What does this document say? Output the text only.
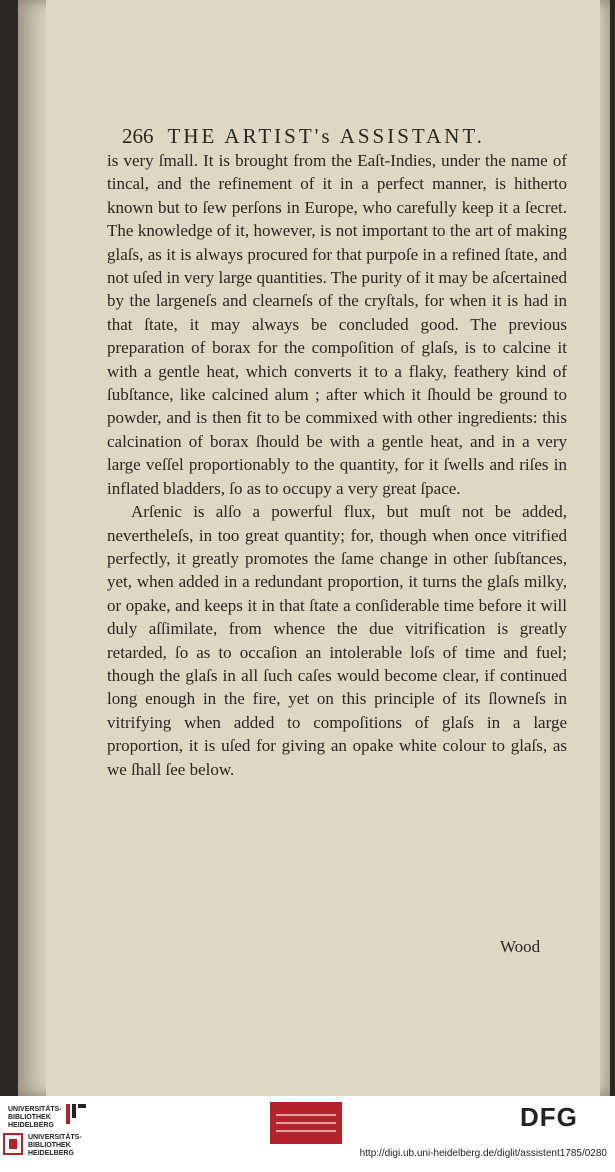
266 THE ARTIST's ASSISTANT.

is very ſmall. It is brought from the Eaſt-Indies, under the name of tincal, and the refinement of it in a perfect manner, is hitherto known but to ſew perſons in Europe, who carefully keep it a ſecret. The knowledge of it, however, is not important to the art of making glaſs, as it is always procured for that purpoſe in a refined ſtate, and not uſed in very large quantities. The purity of it may be aſcertained by the largeneſs and clearneſs of the cryſtals, for when it is had in that ſtate, it may always be concluded good. The previous preparation of borax for the compoſition of glaſs, is to calcine it with a gentle heat, which converts it to a flaky, feathery kind of ſubſtance, like calcined alum ; after which it ſhould be ground to powder, and is then fit to be commixed with other ingredients: this calcination of borax ſhould be with a gentle heat, and in a very large veſſel proportionably to the quantity, for it ſwells and riſes in inflated bladders, ſo as to occupy a very great ſpace.

Arſenic is alſo a powerful flux, but muſt not be added, neverthеleſs, in too great quantity; for, though when once vitrified perfectly, it greatly promotes the ſame change in other ſubſtances, yet, when added in a redundant proportion, it turns the glaſs milky, or opake, and keeps it in that ſtate a conſiderable time before it will duly aſſimilate, from whence the due vitrification is greatly retarded, ſo as to occaſion an intolerable loſs of time and fuel; though the glaſs in all ſuch caſes would become clear, if continued long enough in the fire, yet on this principle of its ſlowneſs in vitrifying when added to compoſitions of glaſs in a large proportion, it is uſed for giving an opake white colour to glaſs, as we ſhall ſee below.

Wood
UNIVERSITÄTS-BIBLIOTHEK HEIDELBERG
UNIVERSITÄTS-BIBLIOTHEK HEIDELBERG
DFG
http://digi.ub.uni-heidelberg.de/diglit/assistent1785/0280
